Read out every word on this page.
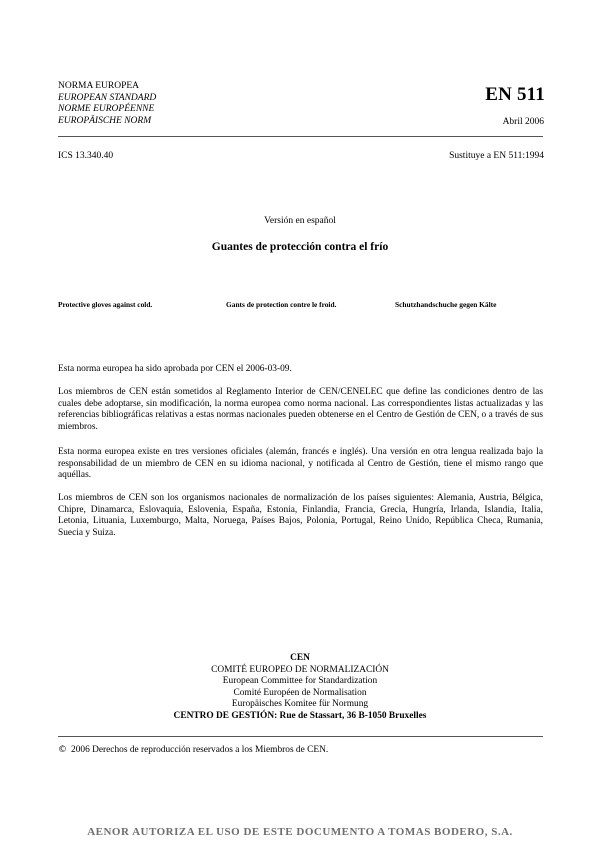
NORMA EUROPEA
EUROPEAN STANDARD
NORME EUROPÉENNE
EUROPÄISCHE NORM
EN 511
Abril 2006
ICS 13.340.40	Sustituye a EN 511:1994
Versión en español
Guantes de protección contra el frío
Protective gloves against cold.	Gants de protection contre le froid.	Schutzhandschuche gegen Kälte
Esta norma europea ha sido aprobada por CEN el 2006-03-09.
Los miembros de CEN están sometidos al Reglamento Interior de CEN/CENELEC que define las condiciones dentro de las cuales debe adoptarse, sin modificación, la norma europea como norma nacional. Las correspondientes listas actualizadas y las referencias bibliográficas relativas a estas normas nacionales pueden obtenerse en el Centro de Gestión de CEN, o a través de sus miembros.
Esta norma europea existe en tres versiones oficiales (alemán, francés e inglés). Una versión en otra lengua realizada bajo la responsabilidad de un miembro de CEN en su idioma nacional, y notificada al Centro de Gestión, tiene el mismo rango que aquéllas.
Los miembros de CEN son los organismos nacionales de normalización de los países siguientes: Alemania, Austria, Bélgica, Chipre, Dinamarca, Eslovaquia, Eslovenia, España, Estonia, Finlandia, Francia, Grecia, Hungría, Irlanda, Islandia, Italia, Letonia, Lituania, Luxemburgo, Malta, Noruega, Países Bajos, Polonia, Portugal, Reino Unido, República Checa, Rumania, Suecia y Suiza.
CEN
COMITÉ EUROPEO DE NORMALIZACIÓN
European Committee for Standardization
Comité Européen de Normalisation
Europäisches Komitee für Normung
CENTRO DE GESTIÓN: Rue de Stassart, 36 B-1050 Bruxelles
© 2006 Derechos de reproducción reservados a los Miembros de CEN.
AENOR AUTORIZA EL USO DE ESTE DOCUMENTO A TOMAS BODERO, S.A.
